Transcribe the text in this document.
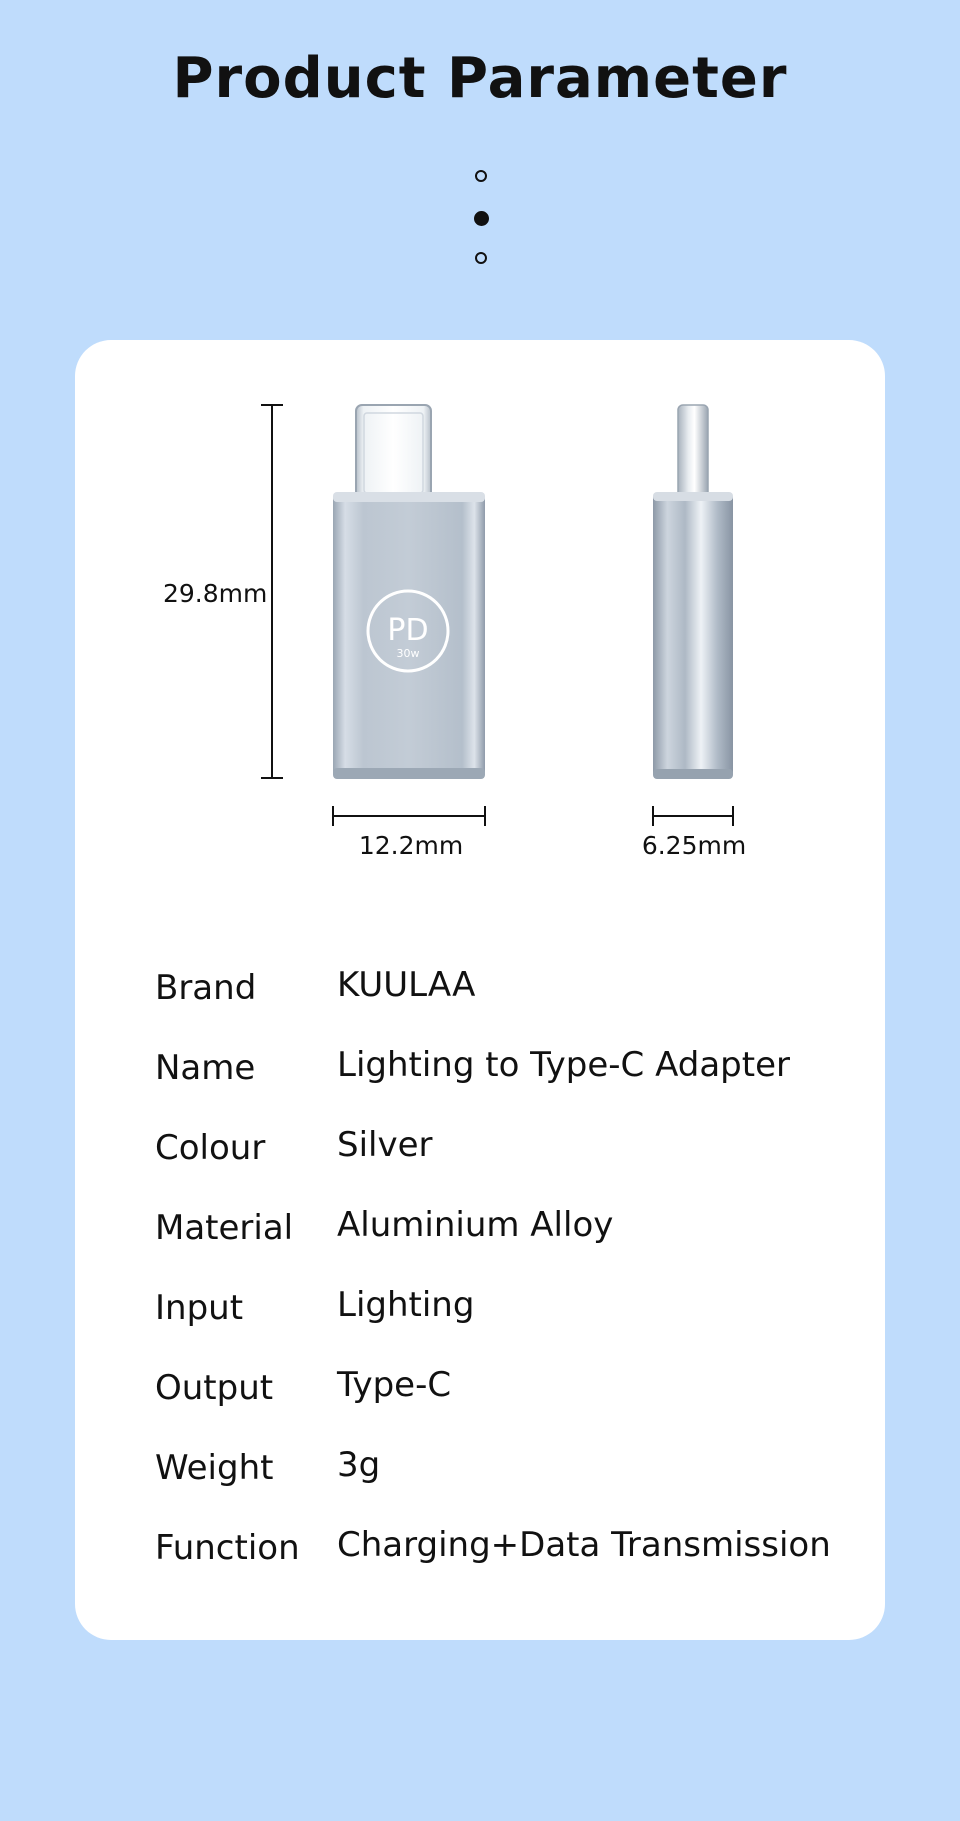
Product Parameter
29.8mm
PD
30w
12.2mm	6.25mm
Brand KUULAA
Name Lighting to Type-C Adapter
Colour Silver
Material Aluminium Alloy
Input	Lighting
Output Type-C
Weight 3g
Function Charging+Data Transmission
